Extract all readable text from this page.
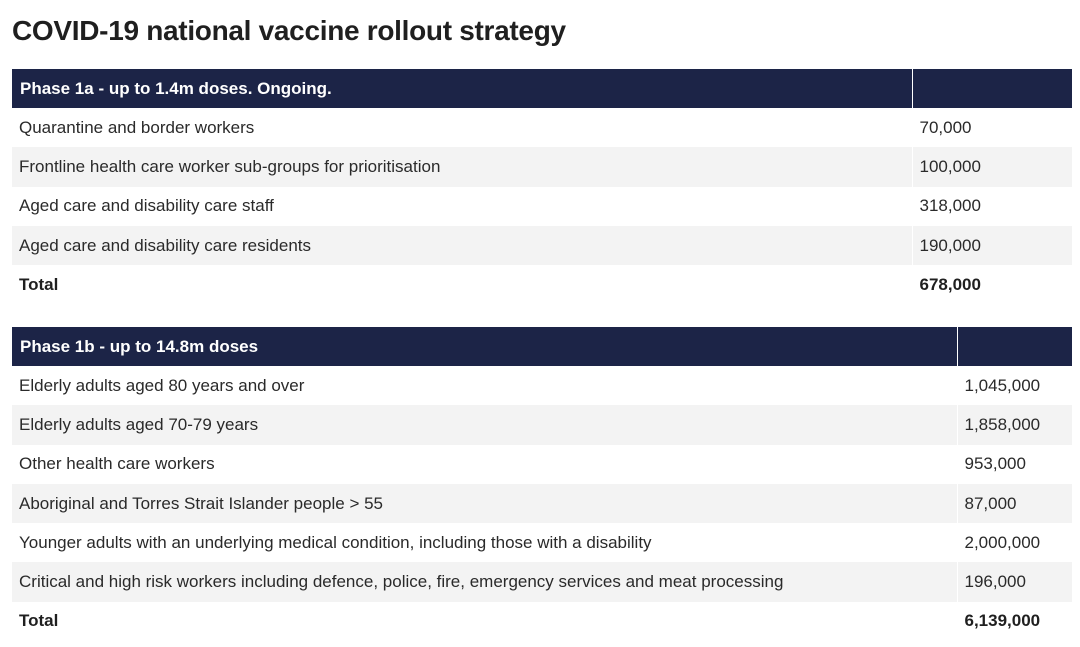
COVID-19 national vaccine rollout strategy
Phase 1a - up to 1.4m doses. Ongoing.	
Quarantine and border workers	70,000
Frontline health care worker sub-groups for prioritisation	100,000
Aged care and disability care staff	318,000
Aged care and disability care residents	190,000
Total	678,000
Phase 1b - up to 14.8m doses	
Elderly adults aged 80 years and over	1,045,000
Elderly adults aged 70-79 years	1,858,000
Other health care workers	953,000
Aboriginal and Torres Strait Islander people > 55	87,000
Younger adults with an underlying medical condition, including those with a disability	2,000,000
Critical and high risk workers including defence, police, fire, emergency services and meat processing	196,000
Total	6,139,000
